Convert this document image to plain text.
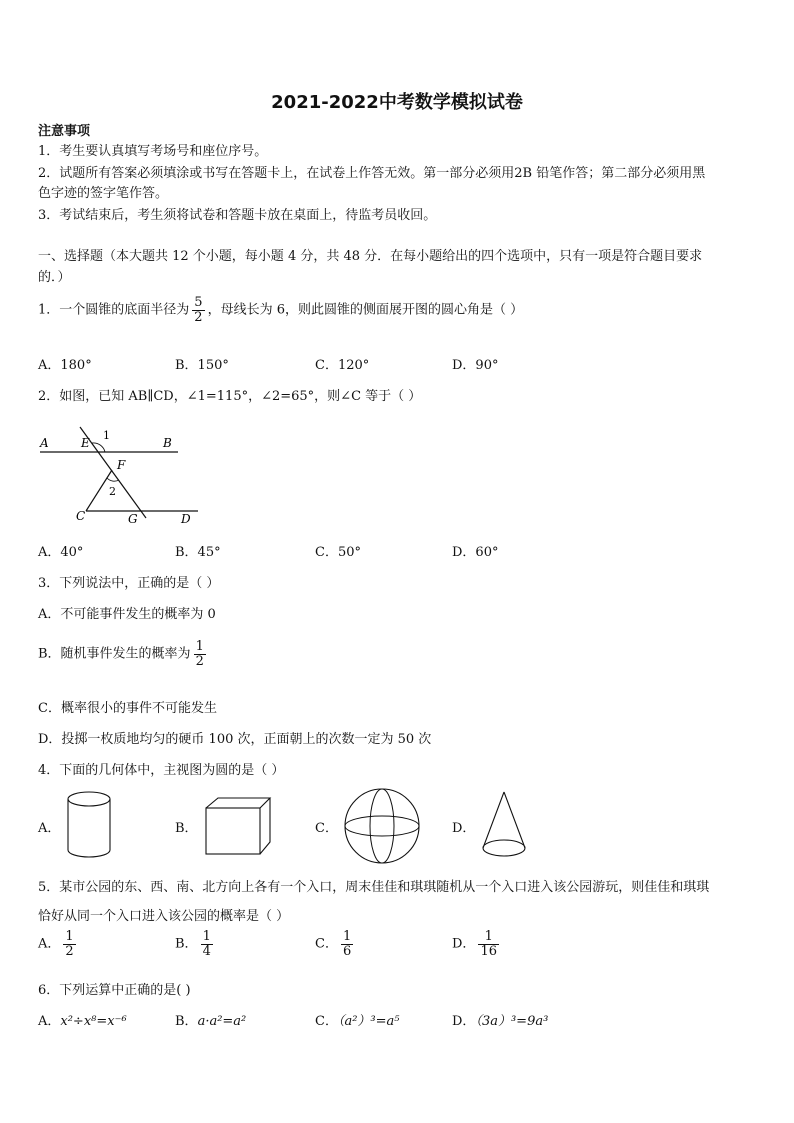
2021-2022中考数学模拟试卷
注意事项
1．考生要认真填写考场号和座位序号。
2．试题所有答案必须填涂或书写在答题卡上，在试卷上作答无效。第一部分必须用2B 铅笔作答；第二部分必须用黑
色字迹的签字笔作答。
3．考试结束后，考生须将试卷和答题卡放在桌面上，待监考员收回。
一、选择题（本大题共 12 个小题，每小题 4 分，共 48 分．在每小题给出的四个选项中，只有一项是符合题目要求
的．）
1．一个圆锥的底面半径为 $\frac{5}{2}$ ，母线长为 6，则此圆锥的侧面展开图的圆心角是（ ）
A．180°	B．150°	C．120°	D．90°
2．如图，已知 AB∥CD，∠1=115°，∠2=65°，则∠C 等于（ ）
A	E
1
B
F
2
C	G	D
A．40°	B．45°	C．50°	D．60°
3．下列说法中，正确的是（ ）
A．不可能事件发生的概率为 0
B．随机事件发生的概率为 $\frac{1}{2}$
C．概率很小的事件不可能发生
D．投掷一枚质地均匀的硬币 100 次，正面朝上的次数一定为 50 次
4．下面的几何体中，主视图为圆的是（ ）
A．	B．	C．	D．
5．某市公园的东、西、南、北方向上各有一个入口，周末佳佳和琪琪随机从一个入口进入该公园游玩，则佳佳和琪琪
恰好从同一个入口进入该公园的概率是（ ）
A． $\frac{1}{2}$	B． $\frac{1}{4}$	C． $\frac{1}{6}$	D． $\frac{1}{16}$
6．下列运算中正确的是( )
A．x²÷x⁸=x⁻⁶	B．a·a²=a²	C．（a²）³=a⁵	D．（3a）³=9a³
